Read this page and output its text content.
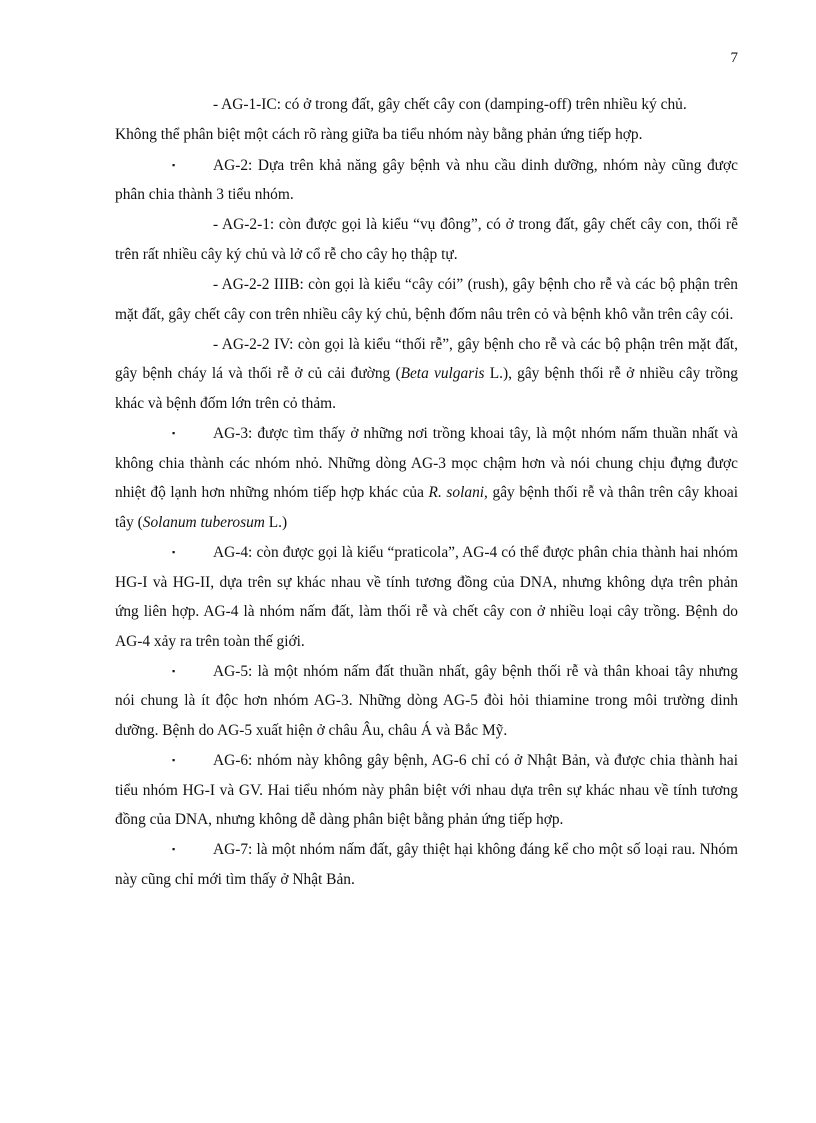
7

- AG-1-IC: có ở trong đất, gây chết cây con (damping-off) trên nhiều ký chủ.

Không thể phân biệt một cách rõ ràng giữa ba tiểu nhóm này bằng phản ứng tiếp hợp.

▪ AG-2: Dựa trên khả năng gây bệnh và nhu cầu dinh dưỡng, nhóm này cũng được phân chia thành 3 tiểu nhóm.

- AG-2-1: còn được gọi là kiểu “vụ đông”, có ở trong đất, gây chết cây con, thối rễ trên rất nhiều cây ký chủ và lở cổ rễ cho cây họ thập tự.

- AG-2-2 IIIB: còn gọi là kiểu “cây cói” (rush), gây bệnh cho rễ và các bộ phận trên mặt đất, gây chết cây con trên nhiều cây ký chủ, bệnh đốm nâu trên cỏ và bệnh khô vằn trên cây cói.

- AG-2-2 IV: còn gọi là kiểu “thối rễ”, gây bệnh cho rễ và các bộ phận trên mặt đất, gây bệnh cháy lá và thối rễ ở củ cải đường (Beta vulgaris L.), gây bệnh thối rễ ở nhiều cây trồng khác và bệnh đốm lớn trên cỏ thảm.

▪ AG-3: được tìm thấy ở những nơi trồng khoai tây, là một nhóm nấm thuần nhất và không chia thành các nhóm nhỏ. Những dòng AG-3 mọc chậm hơn và nói chung chịu đựng được nhiệt độ lạnh hơn những nhóm tiếp hợp khác của R. solani, gây bệnh thối rễ và thân trên cây khoai tây (Solanum tuberosum L.)

▪ AG-4: còn được gọi là kiểu “praticola”, AG-4 có thể được phân chia thành hai nhóm HG-I và HG-II, dựa trên sự khác nhau về tính tương đồng của DNA, nhưng không dựa trên phản ứng liên hợp. AG-4 là nhóm nấm đất, làm thối rễ và chết cây con ở nhiều loại cây trồng. Bệnh do AG-4 xảy ra trên toàn thế giới.

▪ AG-5: là một nhóm nấm đất thuần nhất, gây bệnh thối rễ và thân khoai tây nhưng nói chung là ít độc hơn nhóm AG-3. Những dòng AG-5 đòi hỏi thiamine trong môi trường dinh dưỡng. Bệnh do AG-5 xuất hiện ở châu Âu, châu Á và Bắc Mỹ.

▪ AG-6: nhóm này không gây bệnh, AG-6 chỉ có ở Nhật Bản, và được chia thành hai tiểu nhóm HG-I và GV. Hai tiểu nhóm này phân biệt với nhau dựa trên sự khác nhau về tính tương đồng của DNA, nhưng không dễ dàng phân biệt bằng phản ứng tiếp hợp.

▪ AG-7: là một nhóm nấm đất, gây thiệt hại không đáng kể cho một số loại rau. Nhóm này cũng chỉ mới tìm thấy ở Nhật Bản.
